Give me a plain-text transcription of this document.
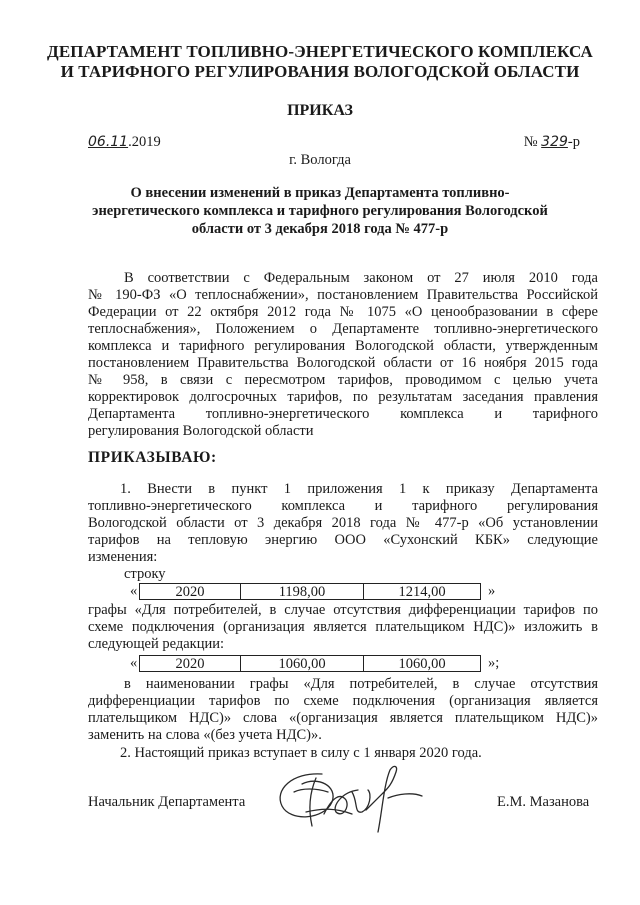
ДЕПАРТАМЕНТ ТОПЛИВНО-ЭНЕРГЕТИЧЕСКОГО КОМПЛЕКСА
И ТАРИФНОГО РЕГУЛИРОВАНИЯ ВОЛОГОДСКОЙ ОБЛАСТИ
ПРИКАЗ
06.11.2019	№ 329-р
г. Вологда
О внесении изменений в приказ Департамента топливно-
энергетического комплекса и тарифного регулирования Вологодской
области от 3 декабря 2018 года № 477-р
В соответствии с Федеральным законом от 27 июля 2010 года
№ 190-ФЗ «О теплоснабжении», постановлением Правительства Российской
Федерации от 22 октября 2012 года № 1075 «О ценообразовании в сфере
теплоснабжения», Положением о Департаменте топливно-энергетического
комплекса и тарифного регулирования Вологодской области, утвержденным
постановлением Правительства Вологодской области от 16 ноября 2015 года
№ 958, в связи с пересмотром тарифов, проводимом с целью учета
корректировок долгосрочных тарифов, по результатам заседания правления
Департамента топливно-энергетического комплекса и тарифного
регулирования Вологодской области
ПРИКАЗЫВАЮ:
1. Внести в пункт 1 приложения 1 к приказу Департамента
топливно-энергетического комплекса и тарифного регулирования
Вологодской области от 3 декабря 2018 года № 477-р «Об установлении
тарифов на тепловую энергию ООО «Сухонский КБК» следующие
изменения:
строку
«	2020	1198,00	1214,00	»
графы «Для потребителей, в случае отсутствия дифференциации тарифов по
схеме подключения (организация является плательщиком НДС)» изложить в
следующей редакции:
«	2020	1060,00	1060,00	»;
в наименовании графы «Для потребителей, в случае отсутствия
дифференциации тарифов по схеме подключения (организация является
плательщиком НДС)» слова «(организация является плательщиком НДС)»
заменить на слова «(без учета НДС)».
2. Настоящий приказ вступает в силу с 1 января 2020 года.
Начальник Департамента	Е.М. Мазанова
